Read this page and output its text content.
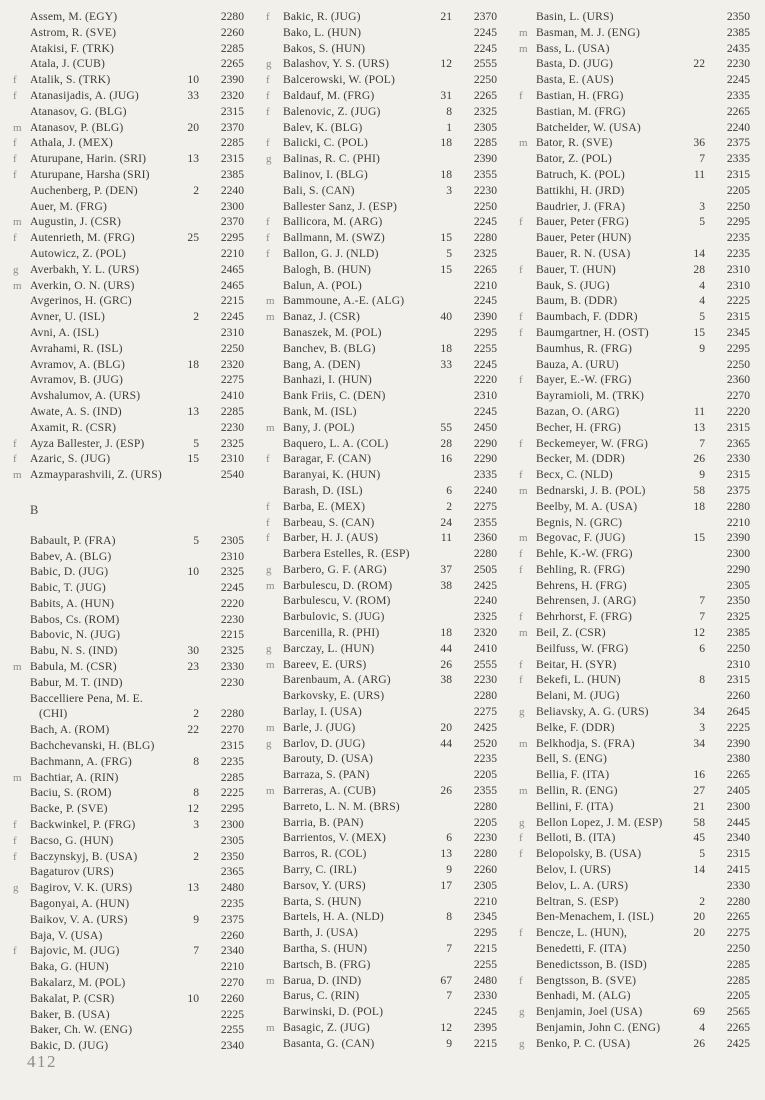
Assem, M. (EGY)	2280
Astrom, R. (SVE)	2260
Atakisi, F. (TRK)	2285
Atala, J. (CUB)	2265
f	Atalik, S. (TRK)	10	2390
f	Atanasijadis, A. (JUG)	33	2320
Atanasov, G. (BLG)	2315
m Atanasov, P. (BLG)	20	2370
f	Athala, J. (MEX)	2285
f	Aturupane, Harin. (SRI)	13	2315
f	Aturupane, Harsha (SRI)	2385
Auchenberg, P. (DEN)	2	2240
Auer, M. (FRG)	2300
m Augustin, J. (CSR)	2370
f	Autenrieth, M. (FRG)	25	2295
Autowicz, Z. (POL)	2210
g Averbakh, Y. L. (URS)	2465
m Averkin, O. N. (URS)	2465
Avgerinos, H. (GRC)	2215
Avner, U. (ISL)	2	2245
Avni, A. (ISL)	2310
Avrahami, R. (ISL)	2250
Avramov, A. (BLG)	18	2320
Avramov, B. (JUG)	2275
Avshalumov, A. (URS)	2410
Awate, A. S. (IND)	13	2285
Axamit, R. (CSR)	2230
f	Ayza Ballester, J. (ESP)	5	2325
f	Azaric, S. (JUG)	15	2310
m Azmayparashvili, Z. (URS)	2540
B
Babault, P. (FRA)	5	2305
Babev, A. (BLG)	2310
Babic, D. (JUG)	10	2325
Babic, T. (JUG)	2245
Babits, A. (HUN)	2220
Babos, Cs. (ROM)	2230
Babovic, N. (JUG)	2215
Babu, N. S. (IND)	30	2325
m Babula, M. (CSR)	23	2330
Babur, M. T. (IND)	2230
Baccelliere Pena, M. E.
(CHI)	2	2280
Bach, A. (ROM)	22	2270
Bachchevanski, H. (BLG)	2315
Bachmann, A. (FRG)	8	2235
m Bachtiar, A. (RIN)	2285
Baciu, S. (ROM)	8	2225
Backe, P. (SVE)	12	2295
f	Backwinkel, P. (FRG)	3	2300
f	Bacso, G. (HUN)	2305
f	Baczynskyj, B. (USA)	2	2350
Bagaturov (URS)	2365
g Bagirov, V. K. (URS)	13	2480
Bagonyai, A. (HUN)	2235
Baikov, V. A. (URS)	9	2375
Baja, V. (USA)	2260
f	Bajovic, M. (JUG)	7	2340
Baka, G. (HUN)	2210
Bakalarz, M. (POL)	2270
Bakalat, P. (CSR)	10	2260
Baker, B. (USA)	2225
Baker, Ch. W. (ENG)	2255
Bakic, D. (JUG)	2340
f	Bakic, R. (JUG)	21	2370
Bako, L. (HUN)	2245
Bakos, S. (HUN)	2245
g Balashov, Y. S. (URS)	12	2555
f	Balcerowski, W. (POL)	2250
f	Baldauf, M. (FRG)	31	2265
f	Balenovic, Z. (JUG)	8	2325
Balev, K. (BLG)	1	2305
f	Balicki, C. (POL)	18	2285
g Balinas, R. C. (PHI)	2390
Balinov, I. (BLG)	18	2355
Bali, S. (CAN)	3	2230
Ballester Sanz, J. (ESP)	2250
f	Ballicora, M. (ARG)	2245
f	Ballmann, M. (SWZ)	15	2280
f	Ballon, G. J. (NLD)	5	2325
Balogh, B. (HUN)	15	2265
Balun, A. (POL)	2210
m Bammoune, A.-E. (ALG)	2245
m Banaz, J. (CSR)	40	2390
Banaszek, M. (POL)	2295
Banchev, B. (BLG)	18	2255
Bang, A. (DEN)	33	2245
Banhazi, I. (HUN)	2220
Bank Friis, C. (DEN)	2310
Bank, M. (ISL)	2245
m Bany, J. (POL)	55	2450
Baquero, L. A. (COL)	28	2290
f	Baragar, F. (CAN)	16	2290
Baranyai, K. (HUN)	2335
Barash, D. (ISL)	6	2240
f	Barba, E. (MEX)	2	2275
f	Barbeau, S. (CAN)	24	2355
f	Barber, H. J. (AUS)	11	2360
Barbera Estelles, R. (ESP)	2280
g Barbero, G. F. (ARG)	37	2505
m Barbulescu, D. (ROM)	38	2425
Barbulescu, V. (ROM)	2240
Barbulovic, S. (JUG)	2325
Barcenilla, R. (PHI)	18	2320
g Barczay, L. (HUN)	44	2410
m Bareev, E. (URS)	26	2555
Barenbaum, A. (ARG)	38	2230
Barkovsky, E. (URS)	2280
Barlay, I. (USA)	2275
m Barle, J. (JUG)	20	2425
g Barlov, D. (JUG)	44	2520
Barouty, D. (USA)	2235
Barraza, S. (PAN)	2205
m Barreras, A. (CUB)	26	2355
Barreto, L. N. M. (BRS)	2280
Barria, B. (PAN)	2205
Barrientos, V. (MEX)	6	2230
Barros, R. (COL)	13	2280
Barry, C. (IRL)	9	2260
Barsov, Y. (URS)	17	2305
Barta, S. (HUN)	2210
Bartels, H. A. (NLD)	8	2345
Barth, J. (USA)	2295
Bartha, S. (HUN)	7	2215
Bartsch, B. (FRG)	2255
m Barua, D. (IND)	67	2480
Barus, C. (RIN)	7	2330
Barwinski, D. (POL)	2245
m Basagic, Z. (JUG)	12	2395
Basanta, G. (CAN)	9	2215
Basin, L. (URS)	2350
m Basman, M. J. (ENG)	2385
m Bass, L. (USA)	2435
Basta, D. (JUG)	22	2230
Basta, E. (AUS)	2245
f	Bastian, H. (FRG)	2335
Bastian, M. (FRG)	2265
Batchelder, W. (USA)	2240
m Bator, R. (SVE)	36	2375
Bator, Z. (POL)	7	2335
Batruch, K. (POL)	11	2315
Battikhi, H. (JRD)	2205
Baudrier, J. (FRA)	3	2250
f	Bauer, Peter (FRG)	5	2295
Bauer, Peter (HUN)	2235
Bauer, R. N. (USA)	14	2235
f	Bauer, T. (HUN)	28	2310
Bauk, S. (JUG)	4	2310
Baum, B. (DDR)	4	2225
f	Baumbach, F. (DDR)	5	2315
f	Baumgartner, H. (OST)	15	2345
Baumhus, R. (FRG)	9	2295
Bauza, A. (URU)	2250
f	Bayer, E.-W. (FRG)	2360
Bayramioli, M. (TRK)	2270
Bazan, O. (ARG)	11	2220
Becher, H. (FRG)	13	2315
f	Beckemeyer, W. (FRG)	7	2365
Becker, M. (DDR)	26	2330
f	Becx, C. (NLD)	9	2315
m Bednarski, J. B. (POL)	58	2375
Beelby, M. A. (USA)	18	2280
Begnis, N. (GRC)	2210
m Begovac, F. (JUG)	15	2390
f	Behle, K.-W. (FRG)	2300
f	Behling, R. (FRG)	2290
Behrens, H. (FRG)	2305
Behrensen, J. (ARG)	7	2350
f	Behrhorst, F. (FRG)	7	2325
m Beil, Z. (CSR)	12	2385
Beilfuss, W. (FRG)	6	2250
f	Beitar, H. (SYR)	2310
f	Bekefi, L. (HUN)	8	2315
Belani, M. (JUG)	2260
g Beliavsky, A. G. (URS)	34	2645
Belke, F. (DDR)	3	2225
m Belkhodja, S. (FRA)	34	2390
Bell, S. (ENG)	2380
Bellia, F. (ITA)	16	2265
m Bellin, R. (ENG)	27	2405
Bellini, F. (ITA)	21	2300
g Bellon Lopez, J. M. (ESP)	58	2445
f	Belloti, B. (ITA)	45	2340
f	Belopolsky, B. (USA)	5	2315
Belov, I. (URS)	14	2415
Belov, L. A. (URS)	2330
Beltran, S. (ESP)	2	2280
Ben-Menachem, I. (ISL)	20	2265
f	Bencze, L. (HUN),	20	2275
Benedetti, F. (ITA)	2250
Benedictsson, B. (ISD)	2285
f	Bengtsson, B. (SVE)	2285
Benhadi, M. (ALG)	2205
g Benjamin, Joel (USA)	69	2565
Benjamin, John C. (ENG)	4	2265
g Benko, P. C. (USA)	26	2425
412
